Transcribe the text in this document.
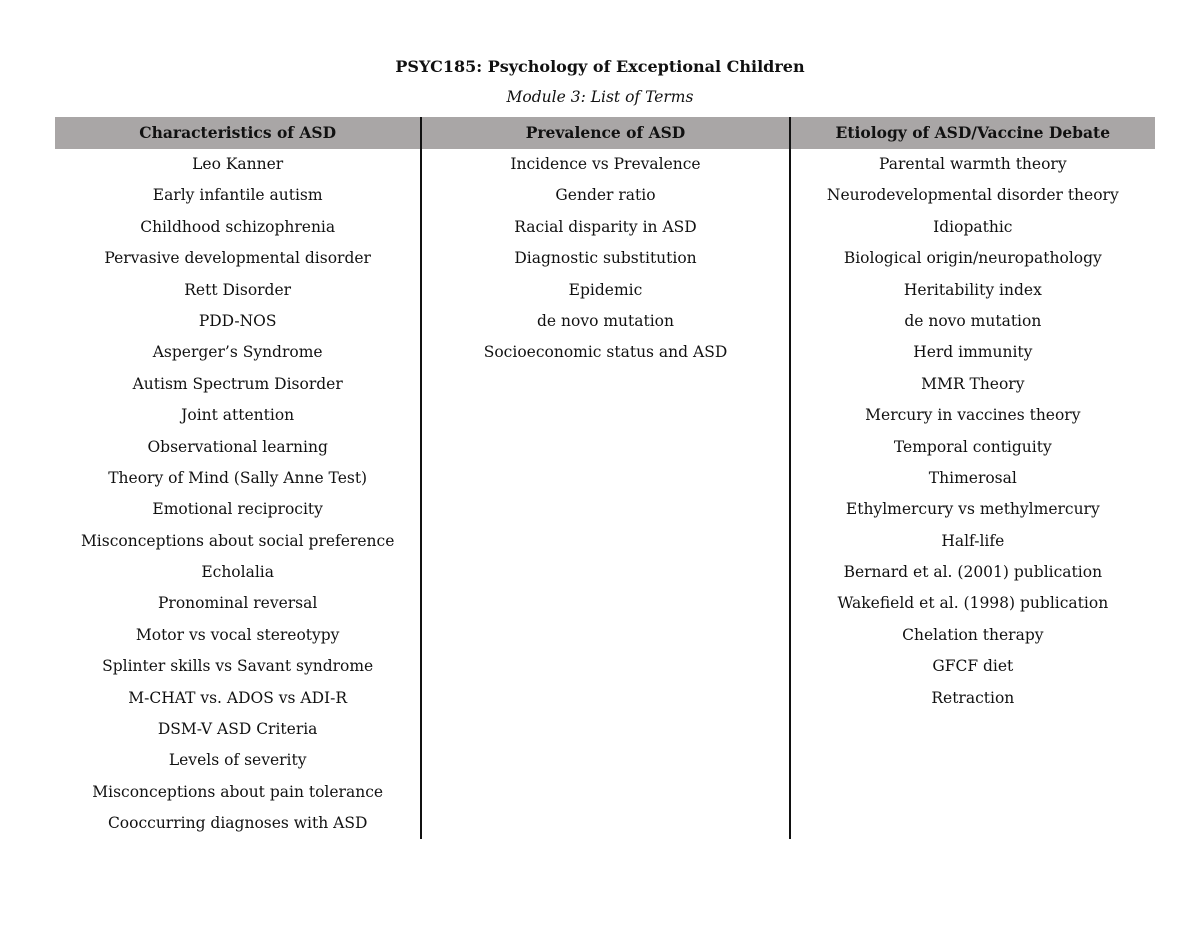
PSYC185: Psychology of Exceptional Children
Module 3: List of Terms
Characteristics of ASD
Leo Kanner
Early infantile autism
Childhood schizophrenia
Pervasive developmental disorder
Rett Disorder
PDD-NOS
Asperger’s Syndrome
Autism Spectrum Disorder
Joint attention
Observational learning
Theory of Mind (Sally Anne Test)
Emotional reciprocity
Misconceptions about social preference
Echolalia
Pronominal reversal
Motor vs vocal stereotypy
Splinter skills vs Savant syndrome
M-CHAT vs. ADOS vs ADI-R
DSM-V ASD Criteria
Levels of severity
Misconceptions about pain tolerance
Cooccurring diagnoses with ASD
Prevalence of ASD
Incidence vs Prevalence
Gender ratio
Racial disparity in ASD
Diagnostic substitution
Epidemic
de novo mutation
Socioeconomic status and ASD
Etiology of ASD/Vaccine Debate
Parental warmth theory
Neurodevelopmental disorder theory
Idiopathic
Biological origin/neuropathology
Heritability index
de novo mutation
Herd immunity
MMR Theory
Mercury in vaccines theory
Temporal contiguity
Thimerosal
Ethylmercury vs methylmercury
Half-life
Bernard et al. (2001) publication
Wakefield et al. (1998) publication
Chelation therapy
GFCF diet
Retraction
